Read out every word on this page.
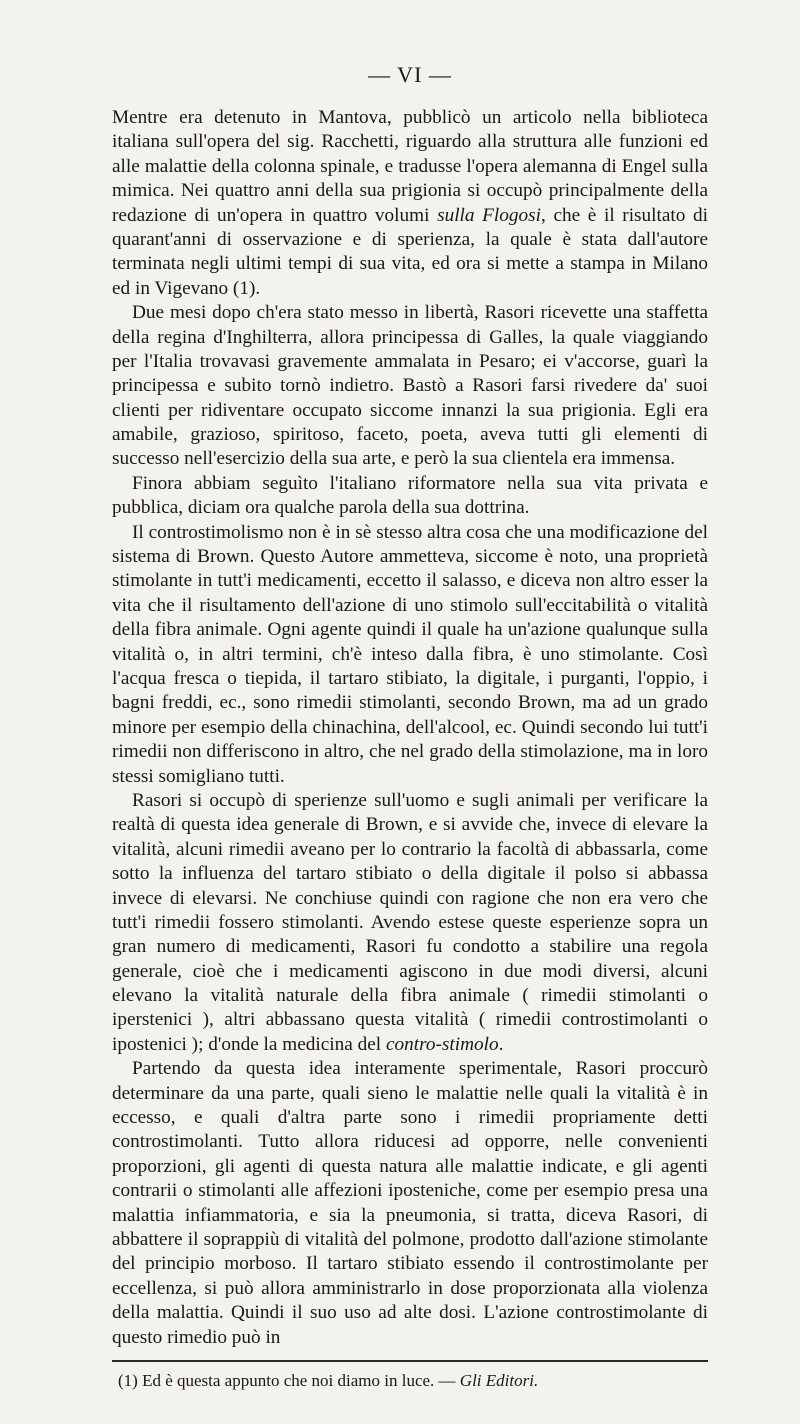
— VI —

Mentre era detenuto in Mantova, pubblicò un articolo nella biblioteca italiana sull'opera del sig. Racchetti, riguardo alla struttura alle funzioni ed alle malattie della colonna spinale, e tradusse l'opera alemanna di Engel sulla mimica. Nei quattro anni della sua prigionia si occupò principalmente della redazione di un'opera in quattro volumi sulla Flogosi, che è il risultato di quarant'anni di osservazione e di sperienza, la quale è stata dall'autore terminata negli ultimi tempi di sua vita, ed ora si mette a stampa in Milano ed in Vigevano (1).

Due mesi dopo ch'era stato messo in libertà, Rasori ricevette una staffetta della regina d'Inghilterra, allora principessa di Galles, la quale viaggiando per l'Italia trovavasi gravemente ammalata in Pesaro; ei v'accorse, guarì la principessa e subito tornò indietro. Bastò a Rasori farsi rivedere da' suoi clienti per ridiventare occupato siccome innanzi la sua prigionia. Egli era amabile, grazioso, spiritoso, faceto, poeta, aveva tutti gli elementi di successo nell'esercizio della sua arte, e però la sua clientela era immensa.

Finora abbiam seguìto l'italiano riformatore nella sua vita privata e pubblica, diciam ora qualche parola della sua dottrina.

Il controstimolismo non è in sè stesso altra cosa che una modificazione del sistema di Brown. Questo Autore ammetteva, siccome è noto, una proprietà stimolante in tutt'i medicamenti, eccetto il salasso, e diceva non altro esser la vita che il risultamento dell'azione di uno stimolo sull'eccitabilità o vitalità della fibra animale. Ogni agente quindi il quale ha un'azione qualunque sulla vitalità o, in altri termini, ch'è inteso dalla fibra, è uno stimolante. Così l'acqua fresca o tiepida, il tartaro stibiato, la digitale, i purganti, l'oppio, i bagni freddi, ec., sono rimedii stimolanti, secondo Brown, ma ad un grado minore per esempio della chinachina, dell'alcool, ec. Quindi secondo lui tutt'i rimedii non differiscono in altro, che nel grado della stimolazione, ma in loro stessi somigliano tutti.

Rasori si occupò di sperienze sull'uomo e sugli animali per verificare la realtà di questa idea generale di Brown, e si avvide che, invece di elevare la vitalità, alcuni rimedii aveano per lo contrario la facoltà di abbassarla, come sotto la influenza del tartaro stibiato o della digitale il polso si abbassa invece di elevarsi. Ne conchiuse quindi con ragione che non era vero che tutt'i rimedii fossero stimolanti. Avendo estese queste esperienze sopra un gran numero di medicamenti, Rasori fu condotto a stabilire una regola generale, cioè che i medicamenti agiscono in due modi diversi, alcuni elevano la vitalità naturale della fibra animale ( rimedii stimolanti o iperstenici ), altri abbassano questa vitalità ( rimedii controstimolanti o ipostenici ); d'onde la medicina del contro-stimolo.

Partendo da questa idea interamente sperimentale, Rasori proccurò determinare da una parte, quali sieno le malattie nelle quali la vitalità è in eccesso, e quali d'altra parte sono i rimedii propriamente detti controstimolanti. Tutto allora riducesi ad opporre, nelle convenienti proporzioni, gli agenti di questa natura alle malattie indicate, e gli agenti contrarii o stimolanti alle affezioni iposteniche, come per esempio presa una malattia infiammatoria, e sia la pneumonia, si tratta, diceva Rasori, di abbattere il soprappiù di vitalità del polmone, prodotto dall'azione stimolante del principio morboso. Il tartaro stibiato essendo il controstimolante per eccellenza, si può allora amministrarlo in dose proporzionata alla violenza della malattia. Quindi il suo uso ad alte dosi. L'azione controstimolante di questo rimedio può in

(1) Ed è questa appunto che noi diamo in luce. — Gli Editori.
